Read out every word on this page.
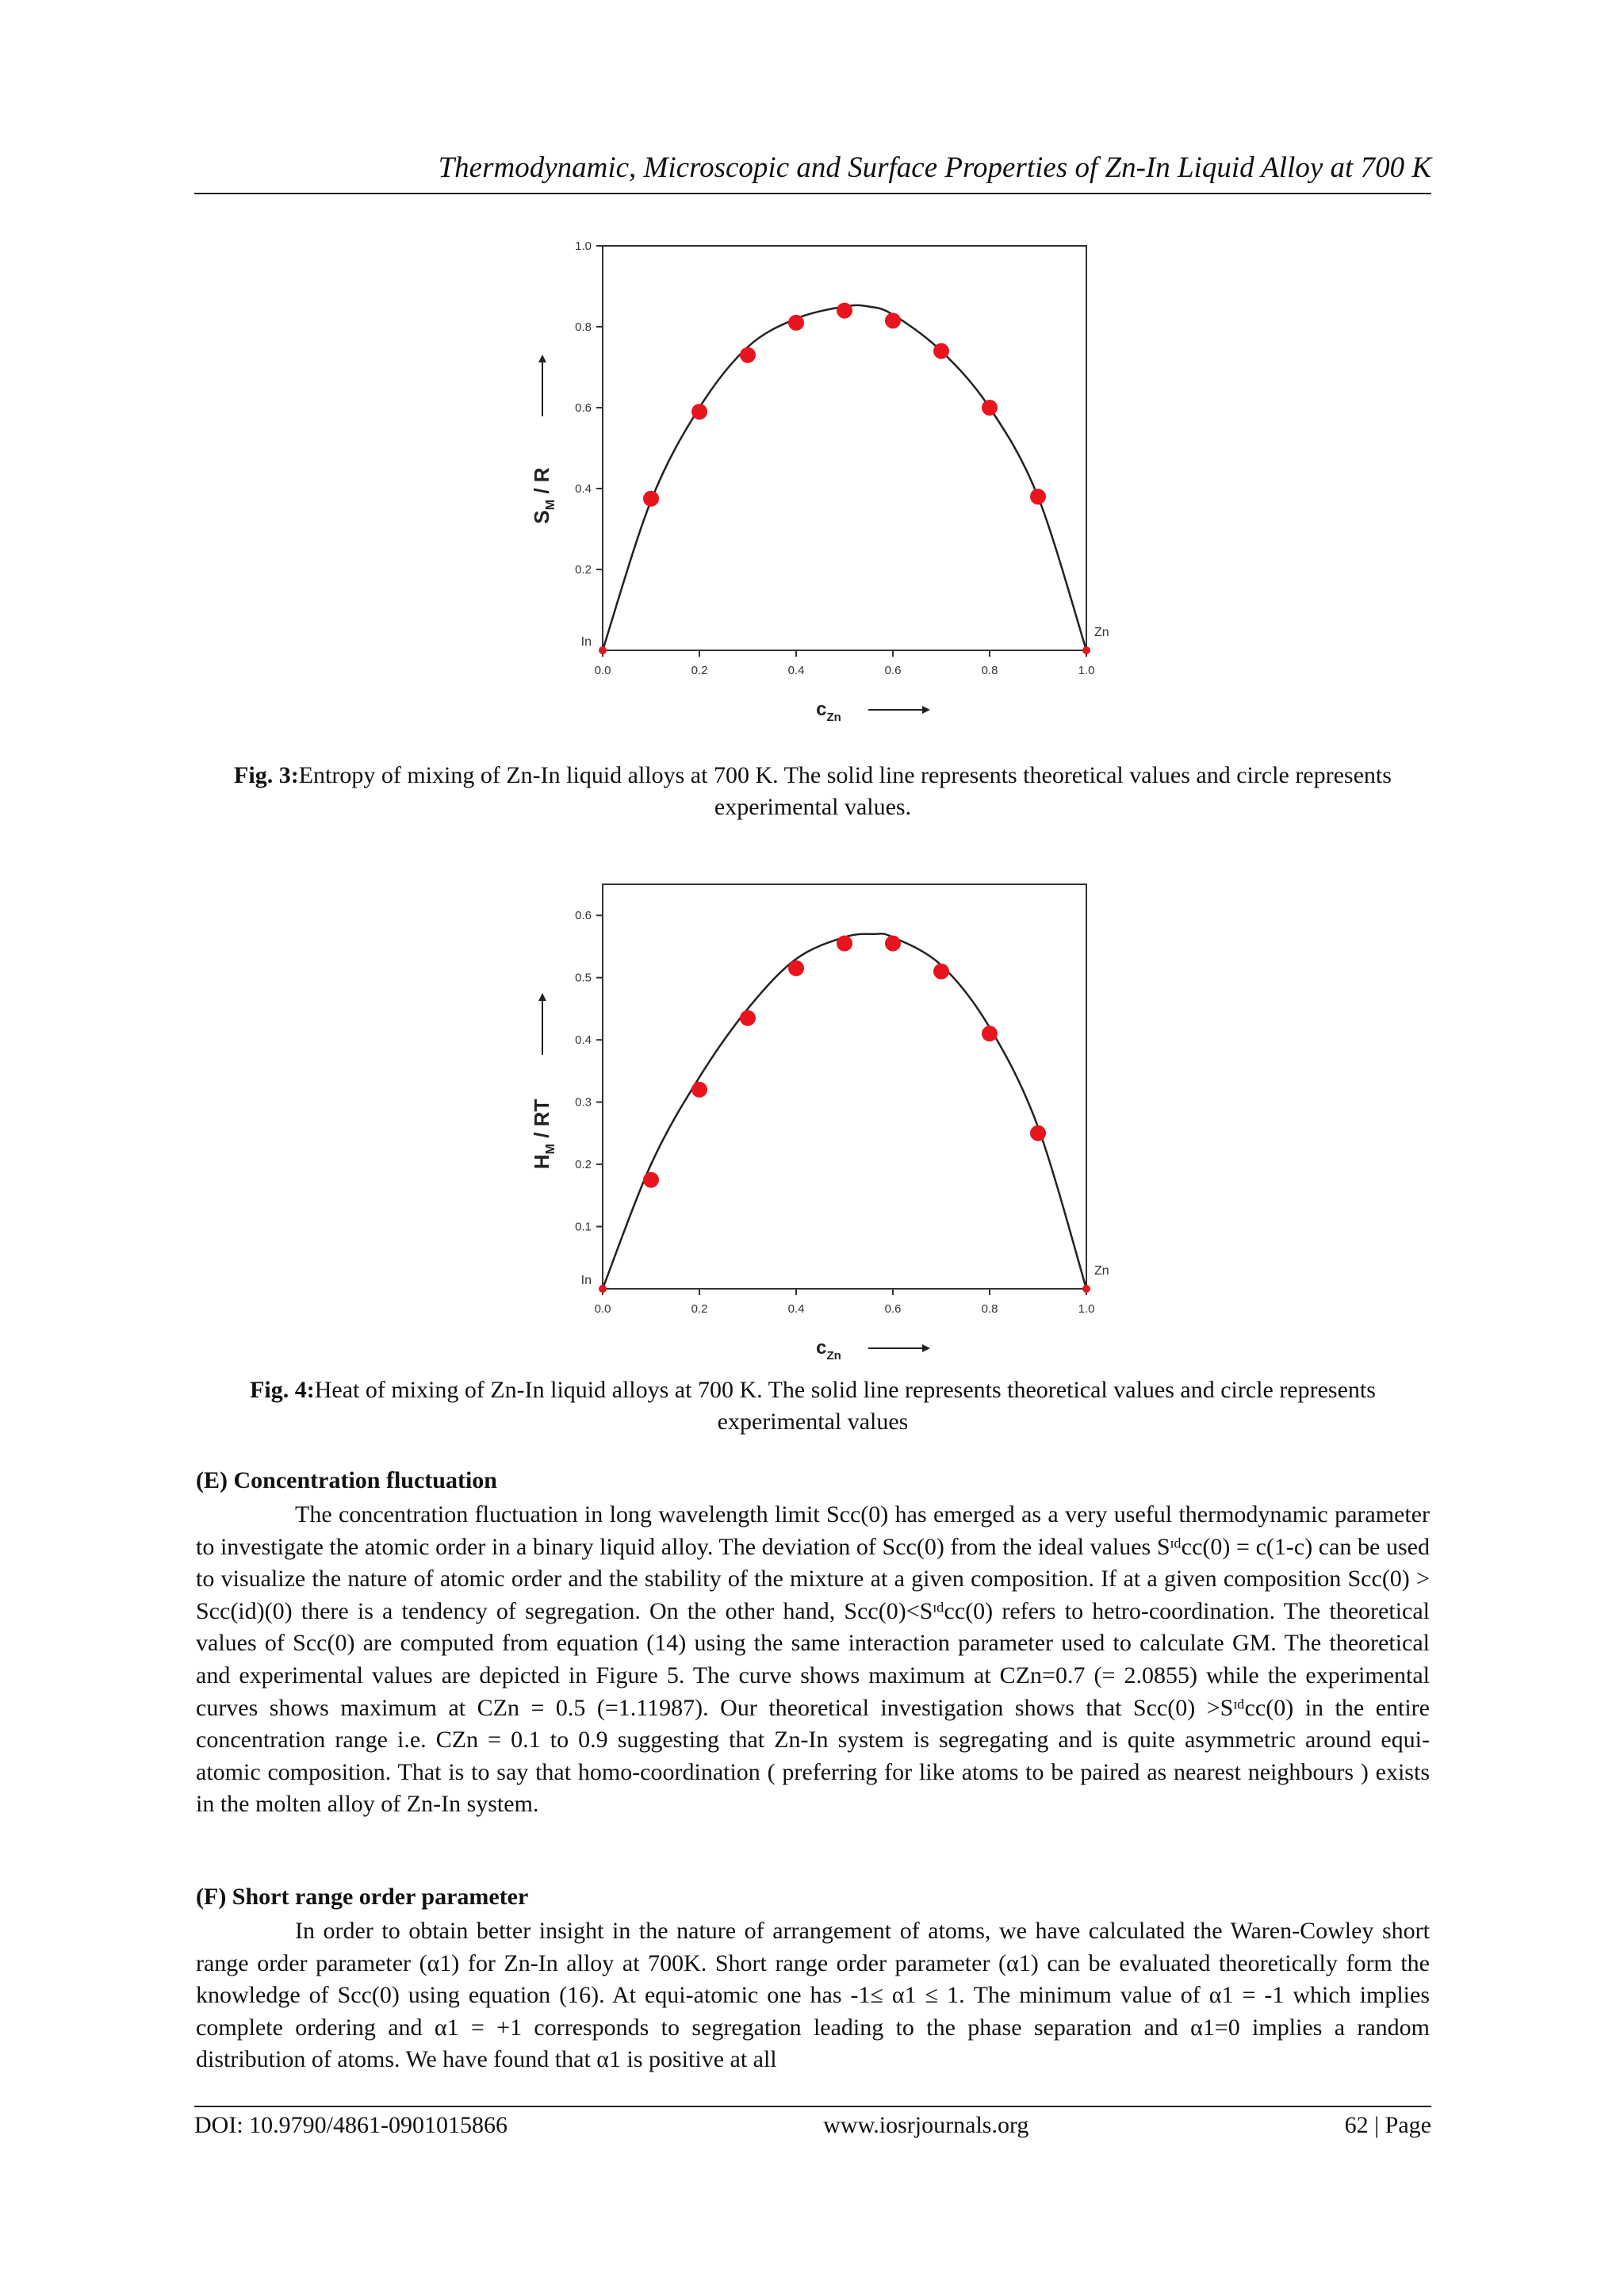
Thermodynamic, Microscopic and Surface Properties of Zn-In Liquid Alloy at 700 K
0.0	0.2	0.4	0.6	0.8	1.0
0.2
0.4
0.6
0.8
1.0
In
Zn
$c_{Zn}$
$S_M$ / R
Fig. 3:Entropy of mixing of Zn-In liquid alloys at 700 K. The solid line represents theoretical values and circle represents experimental values.
0.0	0.2	0.4	0.6	0.8	1.0
0.1
0.2
0.3
0.4
0.5
0.6
In
Zn
$c_{Zn}$
$H_M$ / RT
Fig. 4:Heat of mixing of Zn-In liquid alloys at 700 K. The solid line represents theoretical values and circle represents experimental values
(E) Concentration fluctuation
The concentration fluctuation in long wavelength limit Scc(0) has emerged as a very useful thermodynamic parameter to investigate the atomic order in a binary liquid alloy. The deviation of Scc(0) from the ideal values Sᶦᵈcc(0) = c(1-c) can be used to visualize the nature of atomic order and the stability of the mixture at a given composition. If at a given composition Scc(0) > Scc(id)(0) there is a tendency of segregation. On the other hand, Scc(0)<Sᶦᵈcc(0) refers to hetro-coordination. The theoretical values of Scc(0) are computed from equation (14) using the same interaction parameter used to calculate GM. The theoretical and experimental values are depicted in Figure 5. The curve shows maximum at CZn=0.7 (= 2.0855) while the experimental curves shows maximum at CZn = 0.5 (=1.11987). Our theoretical investigation shows that Scc(0) >Sᶦᵈcc(0) in the entire concentration range i.e. CZn = 0.1 to 0.9 suggesting that Zn-In system is segregating and is quite asymmetric around equi- atomic composition. That is to say that homo-coordination ( preferring for like atoms to be paired as nearest neighbours ) exists in the molten alloy of Zn-In system.
(F) Short range order parameter
In order to obtain better insight in the nature of arrangement of atoms, we have calculated the Waren-Cowley short range order parameter (α1) for Zn-In alloy at 700K. Short range order parameter (α1) can be evaluated theoretically form the knowledge of Scc(0) using equation (16). At equi-atomic one has -1≤ α1 ≤ 1. The minimum value of α1 = -1 which implies complete ordering and α1 = +1 corresponds to segregation leading to the phase separation and α1=0 implies a random distribution of atoms. We have found that α1 is positive at all
DOI: 10.9790/4861-0901015866	www.iosrjournals.org	62 | Page
